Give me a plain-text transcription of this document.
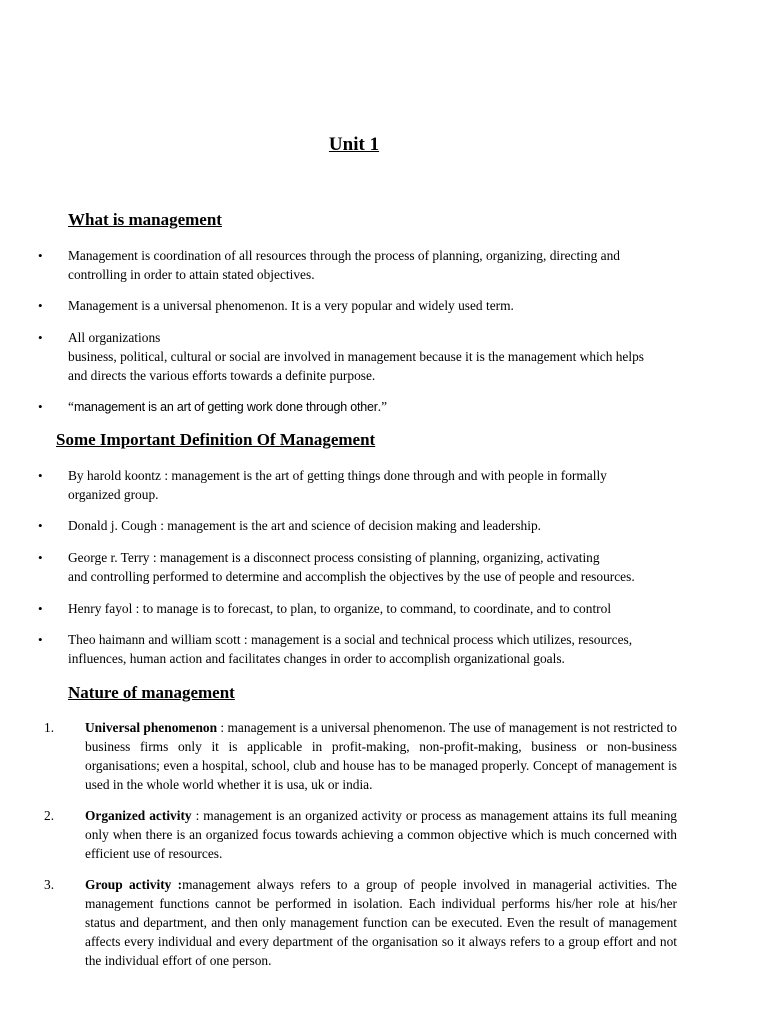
Unit 1
What is management
• Management is coordination of all resources through the process of planning, organizing, directing and
controlling in order to attain stated objectives.
• Management is a universal phenomenon. It is a very popular and widely used term.
• All organizations
business, political, cultural or social are involved in management because it is the management which helps
and directs the various efforts towards a definite purpose.
• “management is an art of getting work done through other.”
Some Important Definition Of Management
• By harold koontz : management is the art of getting things done through and with people in formally
organized group.
• Donald j. Cough : management is the art and science of decision making and leadership.
• George r. Terry : management is a disconnect process consisting of planning, organizing, activating
and controlling performed to determine and accomplish the objectives by the use of people and resources.
• Henry fayol : to manage is to forecast, to plan, to organize, to command, to coordinate, and to control
• Theo haimann and william scott : management is a social and technical process which utilizes, resources,
influences, human action and facilitates changes in order to accomplish organizational goals.
Nature of management
1. Universal phenomenon : management is a universal phenomenon. The use of management is not restricted to business firms only it is applicable in profit-making, non-profit-making, business or non-business organisations; even a hospital, school, club and house has to be managed properly. Concept of management is used in the whole world whether it is usa, uk or india.
2. Organized activity : management is an organized activity or process as management attains its full meaning only when there is an organized focus towards achieving a common objective which is much concerned with efficient use of resources.
3. Group activity :management always refers to a group of people involved in managerial activities. The management functions cannot be performed in isolation. Each individual performs his/her role at his/her status and department, and then only management function can be executed. Even the result of management affects every individual and every department of the organisation so it always refers to a group effort and not the individual effort of one person.
